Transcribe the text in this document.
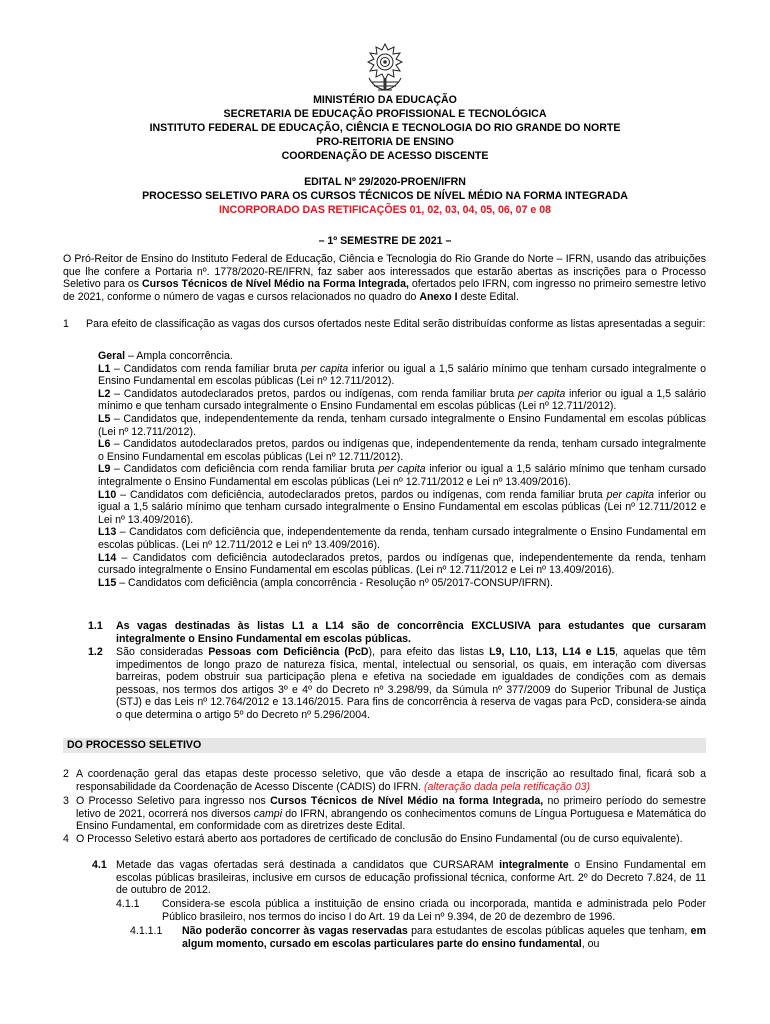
MINISTÉRIO DA EDUCAÇÃO
SECRETARIA DE EDUCAÇÃO PROFISSIONAL E TECNOLÓGICA
INSTITUTO FEDERAL DE EDUCAÇÃO, CIÊNCIA E TECNOLOGIA DO RIO GRANDE DO NORTE
PRO-REITORIA DE ENSINO
COORDENAÇÃO DE ACESSO DISCENTE
EDITAL Nº 29/2020-PROEN/IFRN
PROCESSO SELETIVO PARA OS CURSOS TÉCNICOS DE NÍVEL MÉDIO NA FORMA INTEGRADA
INCORPORADO DAS RETIFICAÇÕES 01, 02, 03, 04, 05, 06, 07 e 08
– 1º SEMESTRE DE 2021 –
O Pró-Reitor de Ensino do Instituto Federal de Educação, Ciência e Tecnologia do Rio Grande do Norte – IFRN, usando das atribuições que lhe confere a Portaria nº. 1778/2020-RE/IFRN, faz saber aos interessados que estarão abertas as inscrições para o Processo Seletivo para os Cursos Técnicos de Nível Médio na Forma Integrada, ofertados pelo IFRN, com ingresso no primeiro semestre letivo de 2021, conforme o número de vagas e cursos relacionados no quadro do Anexo I deste Edital.
1 Para efeito de classificação as vagas dos cursos ofertados neste Edital serão distribuídas conforme as listas apresentadas a seguir:
Geral – Ampla concorrência.
L1 – Candidatos com renda familiar bruta per capita inferior ou igual a 1,5 salário mínimo que tenham cursado integralmente o Ensino Fundamental em escolas públicas (Lei nº 12.711/2012).
L2 – Candidatos autodeclarados pretos, pardos ou indígenas, com renda familiar bruta per capita inferior ou igual a 1,5 salário mínimo e que tenham cursado integralmente o Ensino Fundamental em escolas públicas (Lei nº 12.711/2012).
L5 – Candidatos que, independentemente da renda, tenham cursado integralmente o Ensino Fundamental em escolas públicas (Lei nº 12.711/2012).
L6 – Candidatos autodeclarados pretos, pardos ou indígenas que, independentemente da renda, tenham cursado integralmente o Ensino Fundamental em escolas públicas (Lei nº 12.711/2012).
L9 – Candidatos com deficiência com renda familiar bruta per capita inferior ou igual a 1,5 salário mínimo que tenham cursado integralmente o Ensino Fundamental em escolas públicas (Lei nº 12.711/2012 e Lei nº 13.409/2016).
L10 – Candidatos com deficiência, autodeclarados pretos, pardos ou indígenas, com renda familiar bruta per capita inferior ou igual a 1,5 salário mínimo que tenham cursado integralmente o Ensino Fundamental em escolas públicas (Lei nº 12.711/2012 e Lei nº 13.409/2016).
L13 – Candidatos com deficiência que, independentemente da renda, tenham cursado integralmente o Ensino Fundamental em escolas públicas. (Lei nº 12.711/2012 e Lei nº 13.409/2016).
L14 – Candidatos com deficiência autodeclarados pretos, pardos ou indígenas que, independentemente da renda, tenham cursado integralmente o Ensino Fundamental em escolas públicas. (Lei nº 12.711/2012 e Lei nº 13.409/2016).
L15 – Candidatos com deficiência (ampla concorrência - Resolução nº 05/2017-CONSUP/IFRN).
1.1 As vagas destinadas às listas L1 a L14 são de concorrência EXCLUSIVA para estudantes que cursaram integralmente o Ensino Fundamental em escolas públicas.
1.2 São consideradas Pessoas com Deficiência (PcD), para efeito das listas L9, L10, L13, L14 e L15, aquelas que têm impedimentos de longo prazo de natureza física, mental, intelectual ou sensorial, os quais, em interação com diversas barreiras, podem obstruir sua participação plena e efetiva na sociedade em igualdades de condições com as demais pessoas, nos termos dos artigos 3º e 4º do Decreto nº 3.298/99, da Súmula nº 377/2009 do Superior Tribunal de Justiça (STJ) e das Leis nº 12.764/2012 e 13.146/2015. Para fins de concorrência à reserva de vagas para PcD, considera-se ainda o que determina o artigo 5º do Decreto nº 5.296/2004.
DO PROCESSO SELETIVO
2 A coordenação geral das etapas deste processo seletivo, que vão desde a etapa de inscrição ao resultado final, ficará sob a responsabilidade da Coordenação de Acesso Discente (CADIS) do IFRN. (alteração dada pela retificação 03)
3 O Processo Seletivo para ingresso nos Cursos Técnicos de Nível Médio na forma Integrada, no primeiro período do semestre letivo de 2021, ocorrerá nos diversos campi do IFRN, abrangendo os conhecimentos comuns de Língua Portuguesa e Matemática do Ensino Fundamental, em conformidade com as diretrizes deste Edital.
4 O Processo Seletivo estará aberto aos portadores de certificado de conclusão do Ensino Fundamental (ou de curso equivalente).
4.1 Metade das vagas ofertadas será destinada a candidatos que CURSARAM integralmente o Ensino Fundamental em escolas públicas brasileiras, inclusive em cursos de educação profissional técnica, conforme Art. 2º do Decreto 7.824, de 11 de outubro de 2012.
4.1.1 Considera-se escola pública a instituição de ensino criada ou incorporada, mantida e administrada pelo Poder Público brasileiro, nos termos do inciso I do Art. 19 da Lei nº 9.394, de 20 de dezembro de 1996.
4.1.1.1 Não poderão concorrer às vagas reservadas para estudantes de escolas públicas aqueles que tenham, em algum momento, cursado em escolas particulares parte do ensino fundamental, ou
